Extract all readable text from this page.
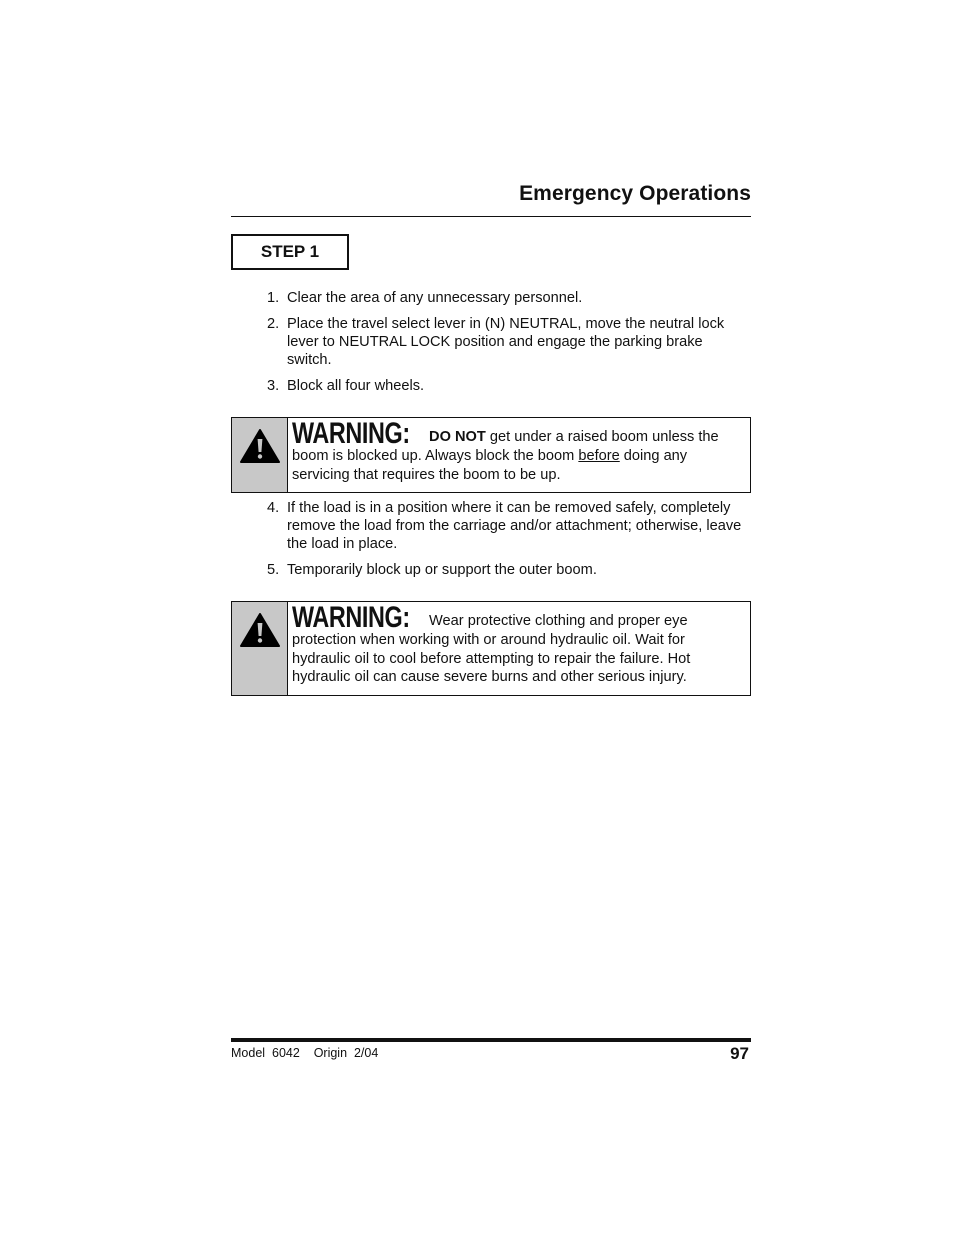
Emergency Operations
STEP 1
1. Clear the area of any unnecessary personnel.
2. Place the travel select lever in (N) NEUTRAL, move the neutral lock lever to NEUTRAL LOCK position and engage the parking brake switch.
3. Block all four wheels.
WARNING: DO NOT get under a raised boom unless the boom is blocked up. Always block the boom before doing any servicing that requires the boom to be up.
4. If the load is in a position where it can be removed safely, completely remove the load from the carriage and/or attachment; otherwise, leave the load in place.
5. Temporarily block up or support the outer boom.
WARNING: Wear protective clothing and proper eye protection when working with or around hydraulic oil. Wait for hydraulic oil to cool before attempting to repair the failure. Hot hydraulic oil can cause severe burns and other serious injury.
Model  6042    Origin  2/04	97
